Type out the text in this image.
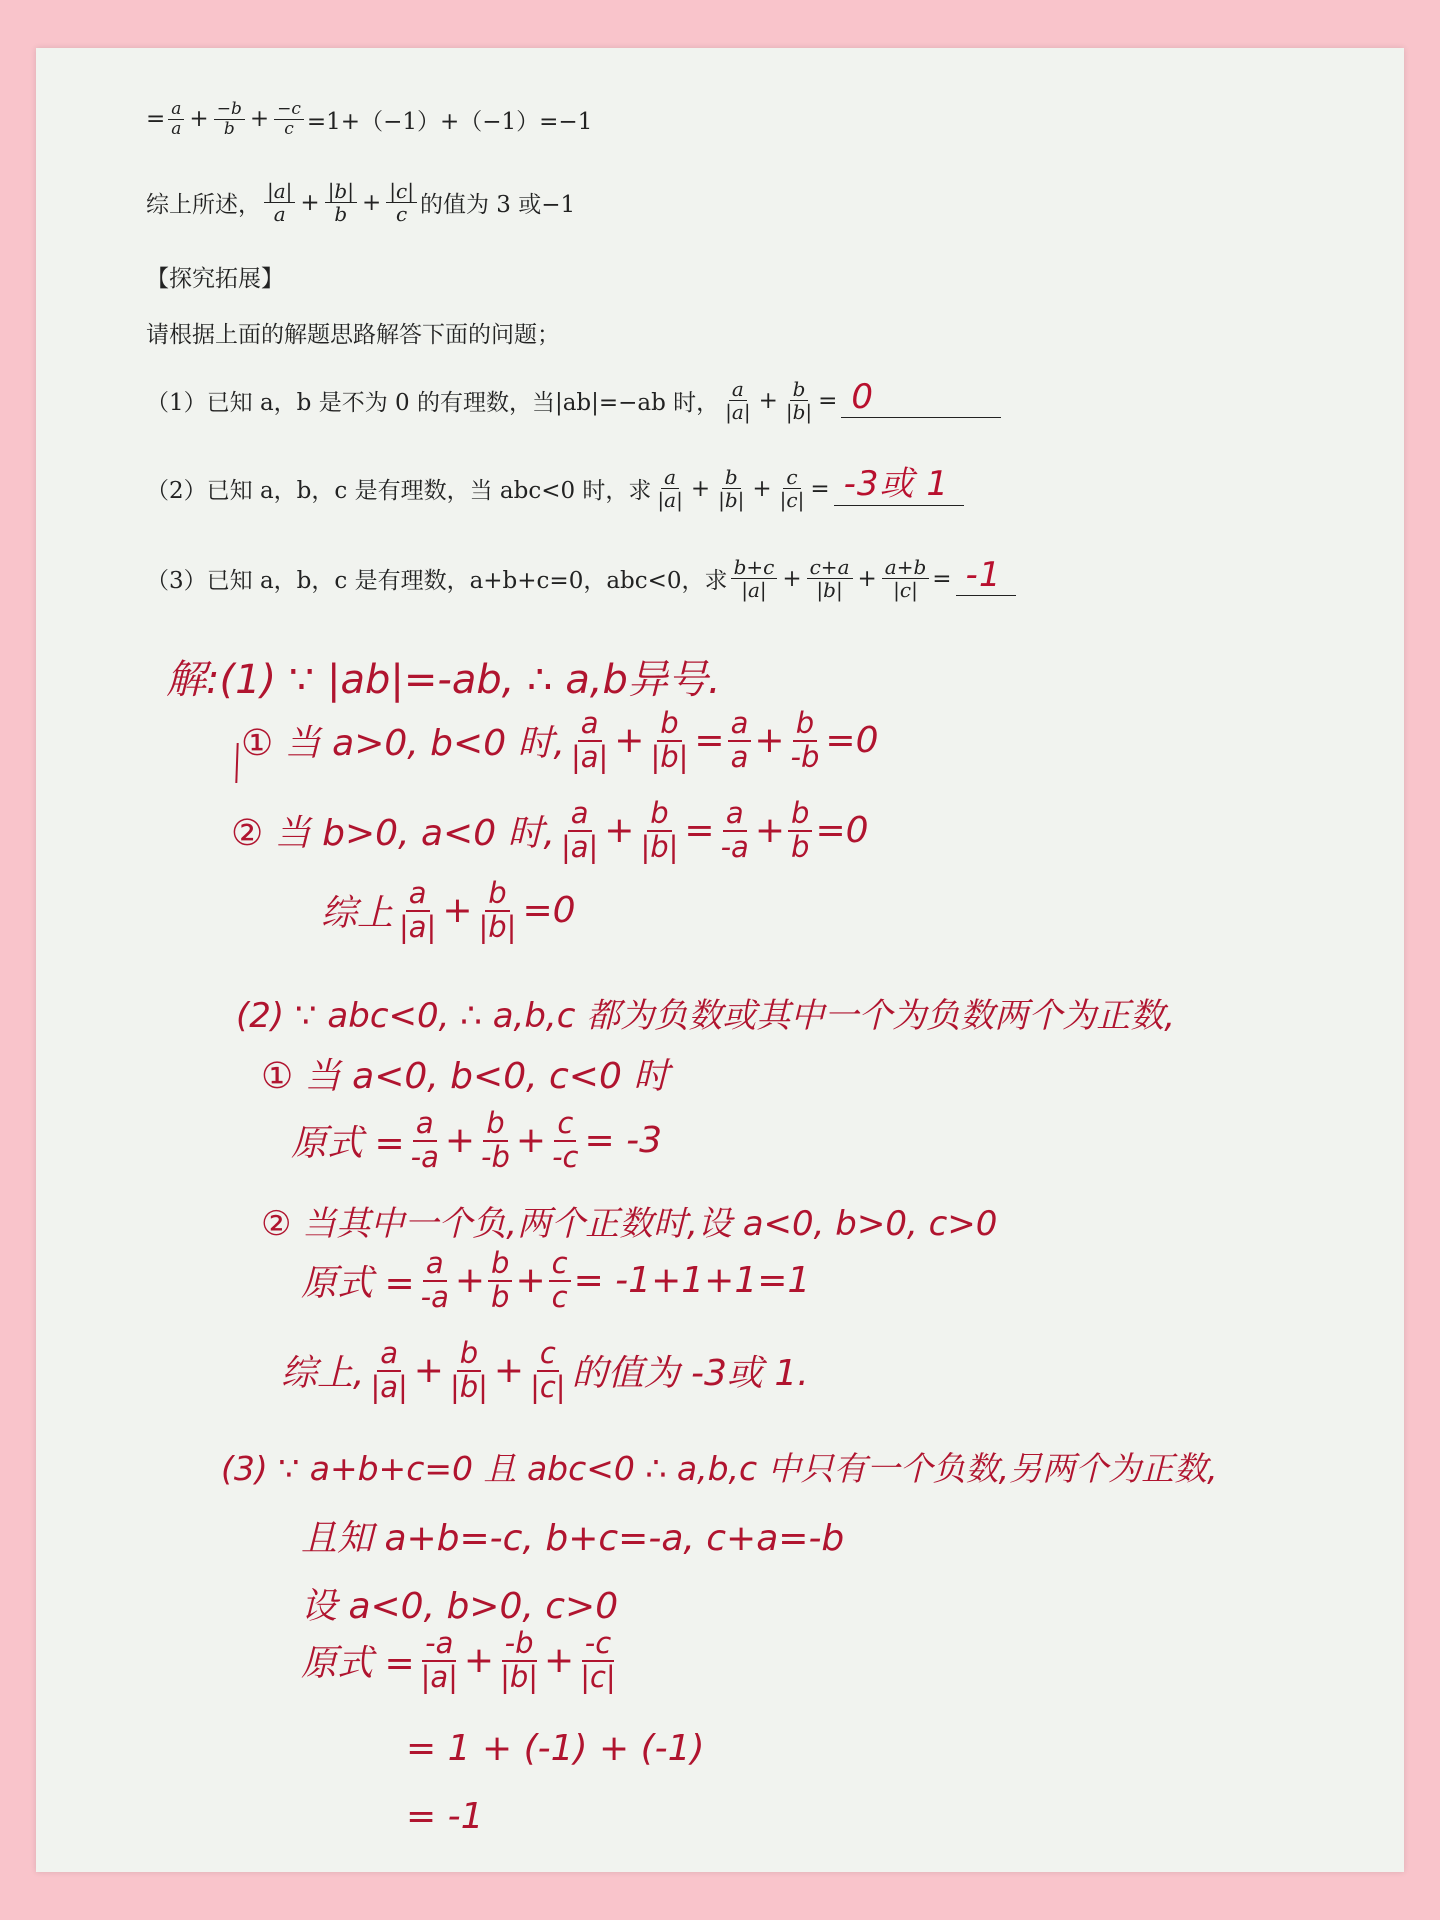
= $\frac{a}{a} + \frac{-b}{b} + \frac{-c}{c} =1+(-1)+(-1)=-1$
综上所述， $\frac{|a|}{a} + \frac{|b|}{b} + \frac{|c|}{c}$ 的值为 3 或−1
【探究拓展】
请根据上面的解题思路解答下面的问题；
（1）已知 a，b 是不为 0 的有理数，当|ab|=−ab 时， $\frac{a}{|a|} + \frac{b}{|b|} = 0$
（2）已知 a，b，c 是有理数，当 abc<0 时，求 $\frac{a}{|a|} + \frac{b}{|b|} + \frac{c}{|c|} = -3$或 1
（3）已知 a，b，c 是有理数，a+b+c=0，abc<0，求 $\frac{b+c}{|a|} + \frac{c+a}{|b|} + \frac{a+b}{|c|} = -1$
解:(1) ∵ |ab|=-ab, ∴ a,b异号.
① 当 a>0, b<0 时, $\frac{a}{|a|} + \frac{b}{|b|} = \frac{a}{a} + \frac{b}{-b} =0$
② 当 b>0, a<0 时, $\frac{a}{|a|} + \frac{b}{|b|} = \frac{a}{-a} + \frac{b}{b} =0$
综上 $\frac{a}{|a|} + \frac{b}{|b|} =0$
(2) ∵ abc<0, ∴ a,b,c 都为负数或其中一个为负数两个为正数,
① 当 a<0, b<0, c<0 时
原式 = $\frac{a}{-a} + \frac{b}{-b} + \frac{c}{-c} = -3$
② 当其中一个负,两个正数时,设 a<0, b>0, c>0
原式 = $\frac{a}{-a} + \frac{b}{b} + \frac{c}{c} = -1+1+1=1$
综上, $\frac{a}{|a|} + \frac{b}{|b|} + \frac{c}{|c|}$ 的值为 -3或 1.
(3) ∵ a+b+c=0 且 abc<0 ∴ a,b,c 中只有一个负数,另两个为正数,
且知 a+b=-c, b+c=-a, c+a=-b
设 a<0, b>0, c>0
原式 = $\frac{-a}{|a|} + \frac{-b}{|b|} + \frac{-c}{|c|}$
= 1 + (-1) + (-1)
= -1
